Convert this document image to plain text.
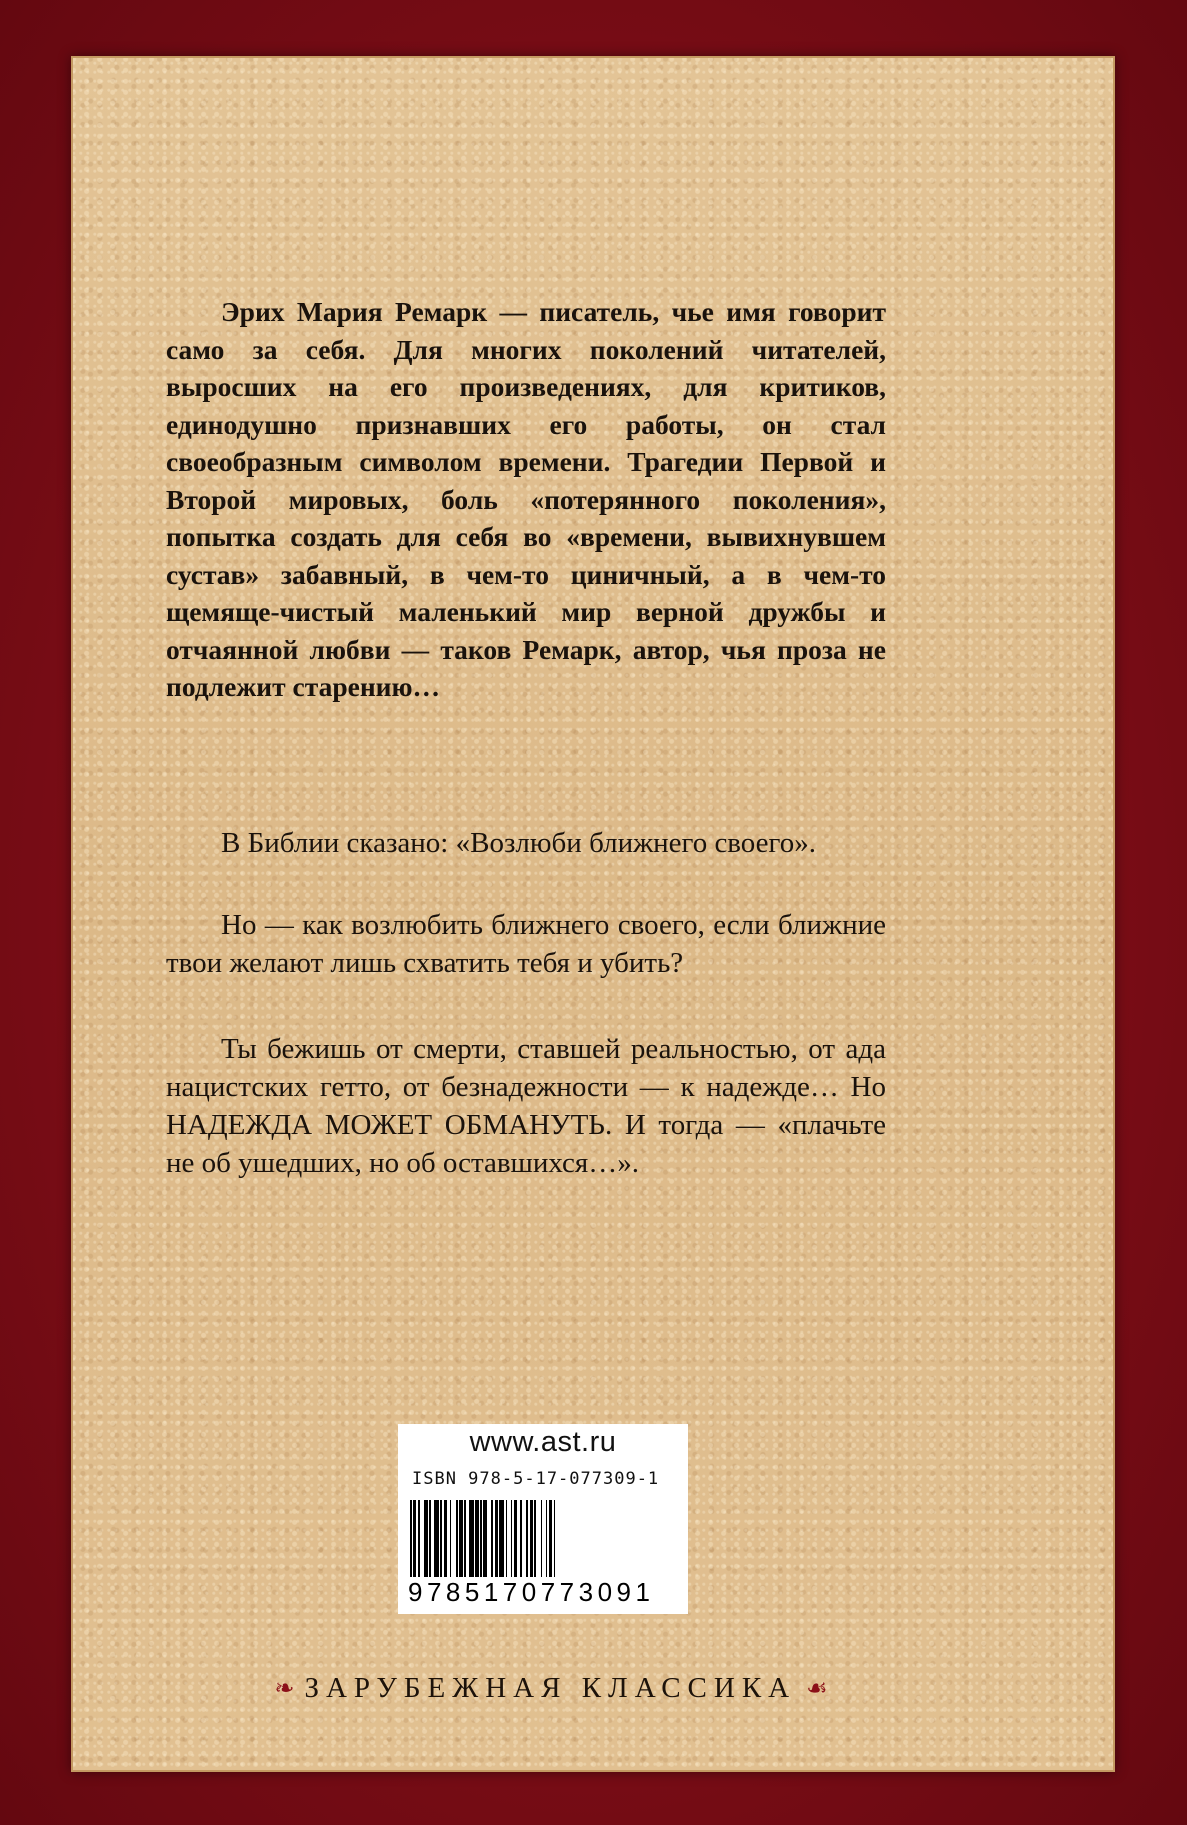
Эрих Мария Ремарк — писатель, чье имя говорит само за себя. Для многих поколений читателей, выросших на его произведениях, для критиков, единодушно признавших его работы, он стал своеобразным символом времени. Трагедии Первой и Второй мировых, боль «потерянного поколения», попытка создать для себя во «времени, вывихнувшем сустав» забавный, в чем-то циничный, а в чем-то щемяще-чистый маленький мир верной дружбы и отчаянной любви — таков Ремарк, автор, чья проза не подлежит старению…

В Библии сказано: «Возлюби ближнего своего».

Но — как возлюбить ближнего своего, если ближние твои желают лишь схватить тебя и убить?

Ты бежишь от смерти, ставшей реальностью, от ада нацистских гетто, от безнадежности — к надежде… Но НАДЕЖДА МОЖЕТ ОБМАНУТЬ. И тогда — «плачьте не об ушедших, но об оставшихся…».

www.ast.ru
ISBN 978-5-17-077309-1
9785170773091
❧ ЗАРУБЕЖНАЯ КЛАССИКА ☙
